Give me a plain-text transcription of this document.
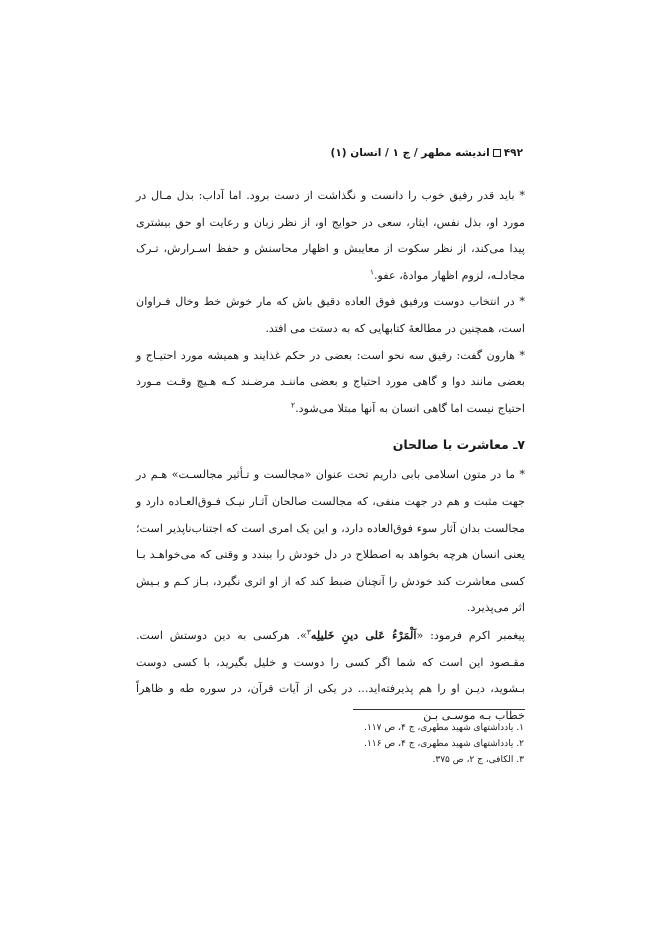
۴۹۲اندیشه مطهر / ج ۱ / انسان (۱)

* باید قدر رفیق خوب را دانست و نگذاشت از دست برود. اما آداب: بذل مـال در مورد او، بذل نفس، ایثار، سعی در حوایج او، از نظر زبان و رعایت او حق بیشتری پیدا می‌کند، از نظر سکوت از معایبش و اظهار محاسنش و حفظ اسـرارش، تـرک مجادلـه، لزوم اظهار موادهٔ، عفو.$^۱$

* در انتخاب دوست ورفیق فوق العاده دقیق باش که مار خوش خط وخال فـراوان است، همچنین در مطالعهٔ کتابهایی که به دستت می افتد.

* هارون گفت: رفیق سه نحو است: بعضی در حکم غذایند و همیشه مورد احتیـاج و بعضی مانند دوا و گاهی مورد احتیاج و بعضی ماننـد مرضـند کـه هـیچ وقـت مـورد احتیاج نیست اما گاهی انسان به آنها مبتلا می‌شود.$^۲$

۷ـ معاشرت با صالحان

* ما در متون اسلامی بابی داریم تحت عنوان «مجالست و تـأثیر مجالسـت» هـم در جهت مثبت و هم در جهت منفی، که مجالست صالحان آثـار نیـک فـوق‌العـاده دارد و مجالست بدان آثار سوء فوق‌العاده دارد، و این یک امری است که اجتناب‌ناپذیر است؛ یعنی انسان هرچه بخواهد به اصطلاح در دل خودش را ببندد و وقتی که می‌خواهـد بـا کسی معاشرت کند خودش را آنچنان ضبط کند که از او اثری نگیرد، بـاز کـم و بـیش اثر می‌پذیرد.

پیغمبر اکرم فرمود: «اَلْمَرْءُ عَلی دینِ خَلیلِه$^۳$». هرکسی به دین دوستش است. مقـصود این است که شما اگر کسی را دوست و خلیل بگیرید، با کسی دوست بـشوید، دیـن او را هم پذیرفته‌اید... در یکی از آیات قرآن، در سوره طه و ظاهراً خطاب بـه موسـی بـن

۱. یادداشتهای شهید مطهری، ج ۴، ص ۱۱۷.
۲. یادداشتهای شهید مطهری، ج ۴، ص ۱۱۶.
۳. الکافی، ج ۲، ص ۳۷۵.
